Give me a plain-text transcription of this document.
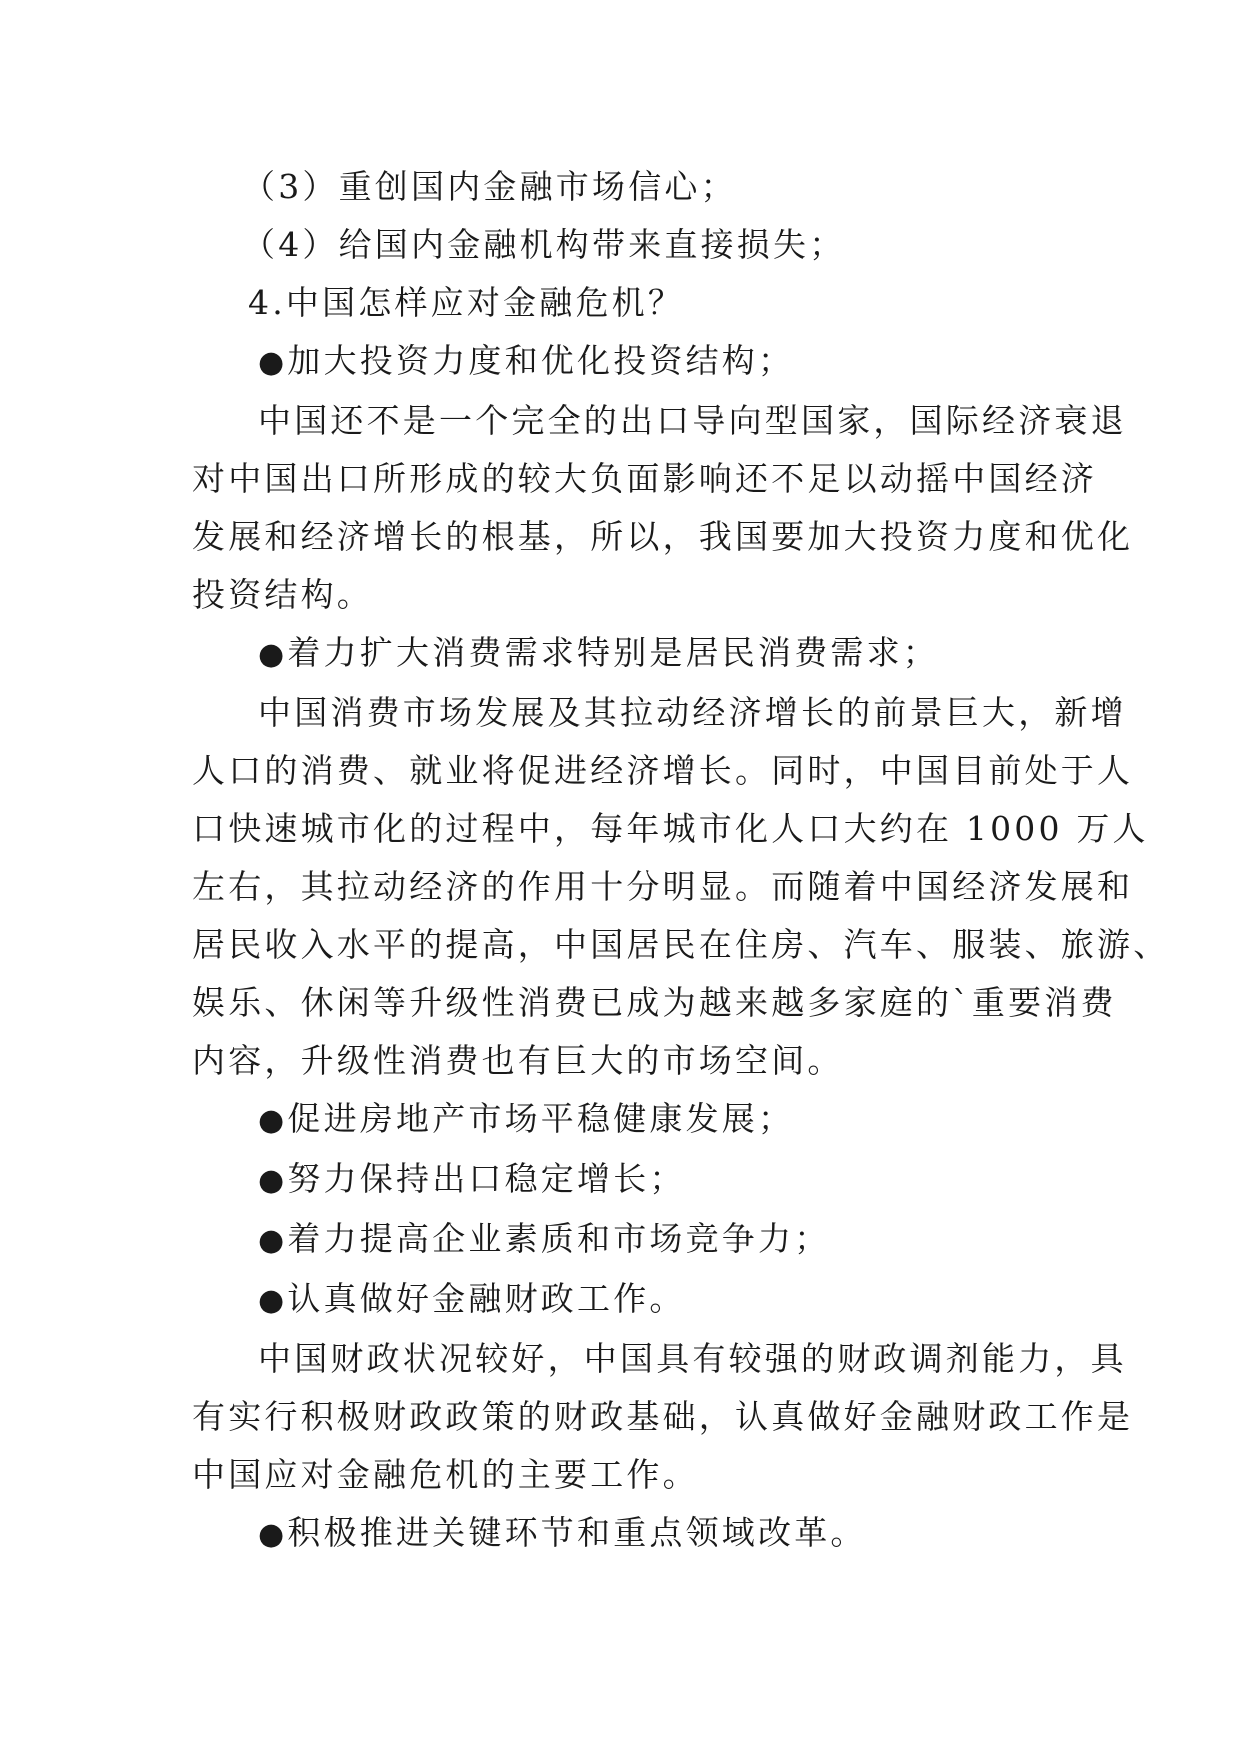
（3）重创国内金融市场信心；

（4）给国内金融机构带来直接损失；

4.中国怎样应对金融危机？

●加大投资力度和优化投资结构；

中国还不是一个完全的出口导向型国家，国际经济衰退

对中国出口所形成的较大负面影响还不足以动摇中国经济

发展和经济增长的根基，所以，我国要加大投资力度和优化

投资结构。

●着力扩大消费需求特别是居民消费需求；

中国消费市场发展及其拉动经济增长的前景巨大，新增

人口的消费、就业将促进经济增长。同时，中国目前处于人

口快速城市化的过程中，每年城市化人口大约在 1000 万人

左右，其拉动经济的作用十分明显。而随着中国经济发展和

居民收入水平的提高，中国居民在住房、汽车、服装、旅游、

娱乐、休闲等升级性消费已成为越来越多家庭的`重要消费

内容，升级性消费也有巨大的市场空间。

●促进房地产市场平稳健康发展；

●努力保持出口稳定增长；

●着力提高企业素质和市场竞争力；

●认真做好金融财政工作。

中国财政状况较好，中国具有较强的财政调剂能力，具

有实行积极财政政策的财政基础，认真做好金融财政工作是

中国应对金融危机的主要工作。

●积极推进关键环节和重点领域改革。
